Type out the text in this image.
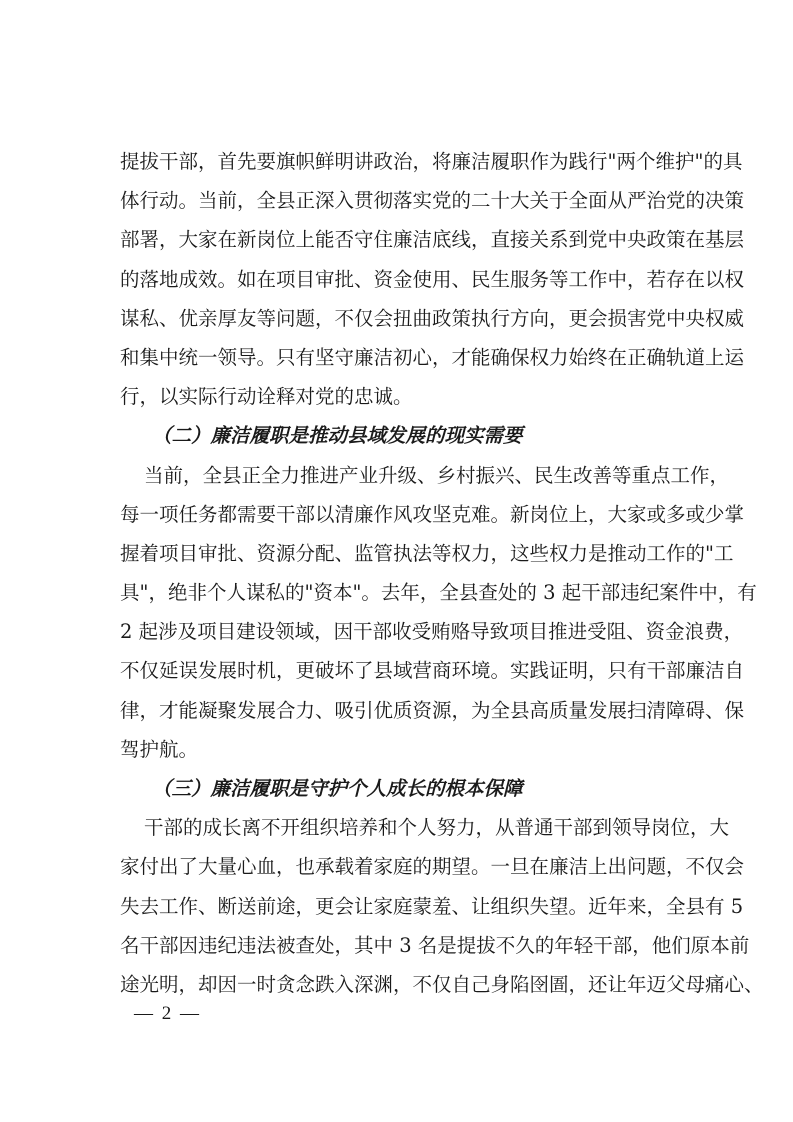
提拔干部，首先要旗帜鲜明讲政治，将廉洁履职作为践行"两个维护"的具
体行动。当前，全县正深入贯彻落实党的二十大关于全面从严治党的决策
部署，大家在新岗位上能否守住廉洁底线，直接关系到党中央政策在基层
的落地成效。如在项目审批、资金使用、民生服务等工作中，若存在以权
谋私、优亲厚友等问题，不仅会扭曲政策执行方向，更会损害党中央权威
和集中统一领导。只有坚守廉洁初心，才能确保权力始终在正确轨道上运
行，以实际行动诠释对党的忠诚。
（二）廉洁履职是推动县域发展的现实需要
当前，全县正全力推进产业升级、乡村振兴、民生改善等重点工作，
每一项任务都需要干部以清廉作风攻坚克难。新岗位上，大家或多或少掌
握着项目审批、资源分配、监管执法等权力，这些权力是推动工作的"工
具"，绝非个人谋私的"资本"。去年，全县查处的 3 起干部违纪案件中，有
2 起涉及项目建设领域，因干部收受贿赂导致项目推进受阻、资金浪费，
不仅延误发展时机，更破坏了县域营商环境。实践证明，只有干部廉洁自
律，才能凝聚发展合力、吸引优质资源，为全县高质量发展扫清障碍、保
驾护航。
（三）廉洁履职是守护个人成长的根本保障
干部的成长离不开组织培养和个人努力，从普通干部到领导岗位，大
家付出了大量心血，也承载着家庭的期望。一旦在廉洁上出问题，不仅会
失去工作、断送前途，更会让家庭蒙羞、让组织失望。近年来，全县有 5
名干部因违纪违法被查处，其中 3 名是提拔不久的年轻干部，他们原本前
途光明，却因一时贪念跌入深渊，不仅自己身陷囹圄，还让年迈父母痛心、
— 2 —
